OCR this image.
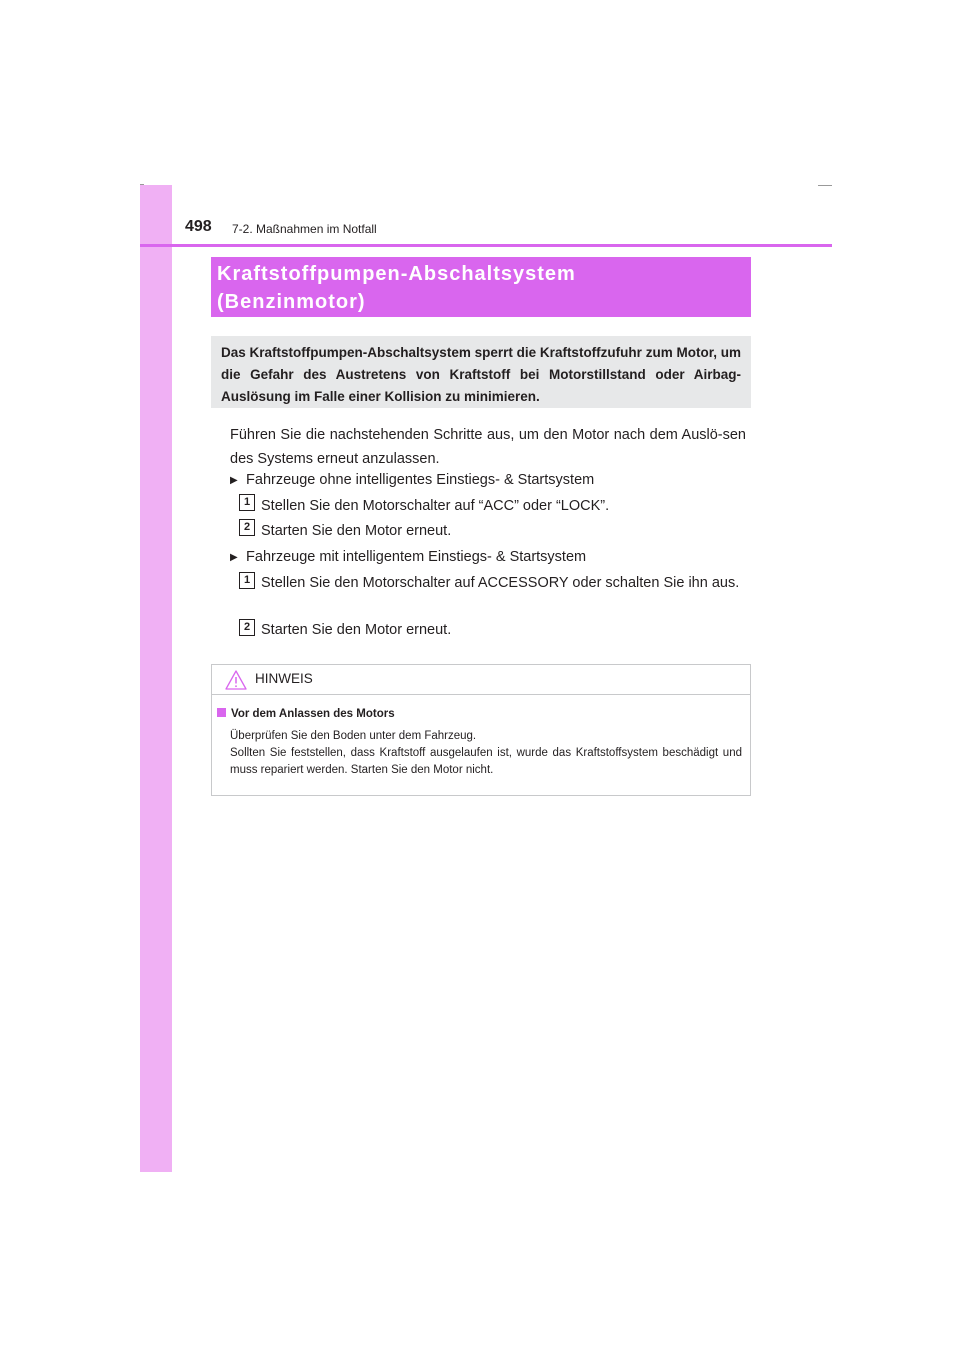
498 7-2. Maßnahmen im Notfall
Kraftstoffpumpen-Abschaltsystem
(Benzinmotor)
Das Kraftstoffpumpen-Abschaltsystem sperrt die Kraftstoffzufuhr zum Motor, um die Gefahr des Austretens von Kraftstoff bei Motorstillstand oder Airbag-Auslösung im Falle einer Kollision zu minimieren.
Führen Sie die nachstehenden Schritte aus, um den Motor nach dem Auslö-sen des Systems erneut anzulassen.
▶ Fahrzeuge ohne intelligentes Einstiegs- & Startsystem
1 Stellen Sie den Motorschalter auf “ACC” oder “LOCK”.
2 Starten Sie den Motor erneut.
▶ Fahrzeuge mit intelligentem Einstiegs- & Startsystem
1 Stellen Sie den Motorschalter auf ACCESSORY oder schalten Sie ihn aus.
2 Starten Sie den Motor erneut.
HINWEIS
Vor dem Anlassen des Motors
Überprüfen Sie den Boden unter dem Fahrzeug.
Sollten Sie feststellen, dass Kraftstoff ausgelaufen ist, wurde das Kraftstoffsystem beschädigt und muss repariert werden. Starten Sie den Motor nicht.
